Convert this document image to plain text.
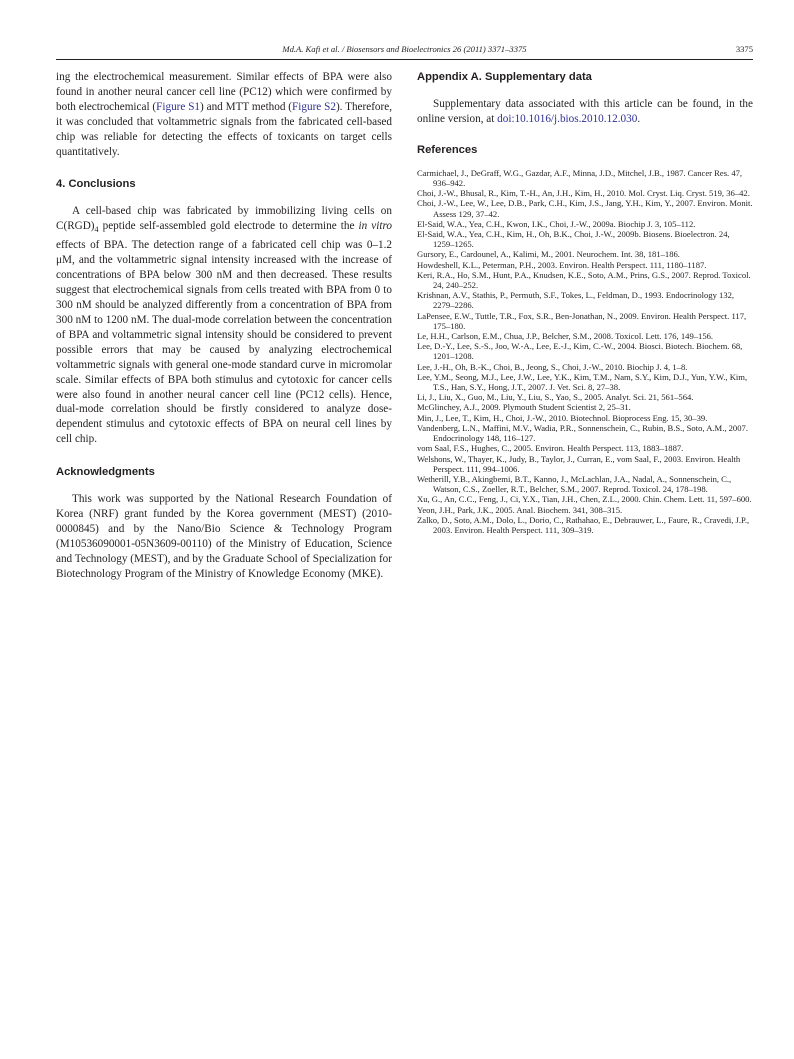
Md.A. Kafi et al. / Biosensors and Bioelectronics 26 (2011) 3371–3375	3375

ing the electrochemical measurement. Similar effects of BPA were also found in another neural cancer cell line (PC12) which were confirmed by both electrochemical (Figure S1) and MTT method (Figure S2). Therefore, it was concluded that voltammetric signals from the fabricated cell-based chip was reliable for detecting the effects of toxicants on target cells quantitatively.

4. Conclusions

A cell-based chip was fabricated by immobilizing living cells on $C(RGD)_4$ peptide self-assembled gold electrode to determine the in vitro effects of BPA. The detection range of a fabricated cell chip was 0–1.2 μM, and the voltammetric signal intensity increased with the increase of concentrations of BPA below 300 nM and then decreased. These results suggest that electrochemical signals from cells treated with BPA from 0 to 300 nM should be analyzed differently from a concentration of BPA from 300 nM to 1200 nM. The dual-mode correlation between the concentration of BPA and voltammetric signal intensity should be considered to prevent possible errors that may be caused by analyzing electrochemical voltammetric signals with general one-mode standard curve in micromolar scale. Similar effects of BPA both stimulus and cytotoxic for cancer cells were also found in another neural cancer cell line (PC12 cells). Hence, dual-mode correlation should be firstly considered to analyze dose-dependent stimulus and cytotoxic effects of BPA on neural cell lines by cell chip.

Acknowledgments

This work was supported by the National Research Foundation of Korea (NRF) grant funded by the Korea government (MEST) (2010-0000845) and by the Nano/Bio Science & Technology Program (M10536090001-05N3609-00110) of the Ministry of Education, Science and Technology (MEST), and by the Graduate School of Specialization for Biotechnology Program of the Ministry of Knowledge Economy (MKE).

Appendix A. Supplementary data

Supplementary data associated with this article can be found, in the online version, at doi:10.1016/j.bios.2010.12.030.

References

Carmichael, J., DeGraff, W.G., Gazdar, A.F., Minna, J.D., Mitchel, J.B., 1987. Cancer Res. 47, 936–942.

Choi, J.-W., Bhusal, R., Kim, T.-H., An, J.H., Kim, H., 2010. Mol. Cryst. Liq. Cryst. 519, 36–42.

Choi, J.-W., Lee, W., Lee, D.B., Park, C.H., Kim, J.S., Jang, Y.H., Kim, Y., 2007. Environ. Monit. Assess 129, 37–42.

El-Said, W.A., Yea, C.H., Kwon, I.K., Choi, J.-W., 2009a. Biochip J. 3, 105–112.

El-Said, W.A., Yea, C.H., Kim, H., Oh, B.K., Choi, J.-W., 2009b. Biosens. Bioelectron. 24, 1259–1265.

Gursory, E., Cardounel, A., Kalimi, M., 2001. Neurochem. Int. 38, 181–186.

Howdeshell, K.L., Peterman, P.H., 2003. Environ. Health Perspect. 111, 1180–1187.

Keri, R.A., Ho, S.M., Hunt, P.A., Knudsen, K.E., Soto, A.M., Prins, G.S., 2007. Reprod. Toxicol. 24, 240–252.

Krishnan, A.V., Stathis, P., Permuth, S.F., Tokes, L., Feldman, D., 1993. Endocrinology 132, 2279–2286.

LaPensee, E.W., Tuttle, T.R., Fox, S.R., Ben-Jonathan, N., 2009. Environ. Health Perspect. 117, 175–180.

Le, H.H., Carlson, E.M., Chua, J.P., Belcher, S.M., 2008. Toxicol. Lett. 176, 149–156.

Lee, D.-Y., Lee, S.-S., Joo, W.-A., Lee, E.-J., Kim, C.-W., 2004. Biosci. Biotech. Biochem. 68, 1201–1208.

Lee, J.-H., Oh, B.-K., Choi, B., Jeong, S., Choi, J.-W., 2010. Biochip J. 4, 1–8.

Lee, Y.M., Seong, M.J., Lee, J.W., Lee, Y.K., Kim, T.M., Nam, S.Y., Kim, D.J., Yun, Y.W., Kim, T.S., Han, S.Y., Hong, J.T., 2007. J. Vet. Sci. 8, 27–38.

Li, J., Liu, X., Guo, M., Liu, Y., Liu, S., Yao, S., 2005. Analyt. Sci. 21, 561–564.

McGlinchey, A.J., 2009. Plymouth Student Scientist 2, 25–31.

Min, J., Lee, T., Kim, H., Choi, J.-W., 2010. Biotechnol. Bioprocess Eng. 15, 30–39.

Vandenberg, L.N., Maffini, M.V., Wadia, P.R., Sonnenschein, C., Rubin, B.S., Soto, A.M., 2007. Endocrinology 148, 116–127.

vom Saal, F.S., Hughes, C., 2005. Environ. Health Perspect. 113, 1883–1887.

Welshons, W., Thayer, K., Judy, B., Taylor, J., Curran, E., vom Saal, F., 2003. Environ. Health Perspect. 111, 994–1006.

Wetherill, Y.B., Akingbemi, B.T., Kanno, J., McLachlan, J.A., Nadal, A., Sonnenschein, C., Watson, C.S., Zoeller, R.T., Belcher, S.M., 2007. Reprod. Toxicol. 24, 178–198.

Xu, G., An, C.C., Feng, J., Ci, Y.X., Tian, J.H., Chen, Z.L., 2000. Chin. Chem. Lett. 11, 597–600.

Yeon, J.H., Park, J.K., 2005. Anal. Biochem. 341, 308–315.

Zalko, D., Soto, A.M., Dolo, L., Dorio, C., Rathahao, E., Debrauwer, L., Faure, R., Cravedi, J.P., 2003. Environ. Health Perspect. 111, 309–319.
